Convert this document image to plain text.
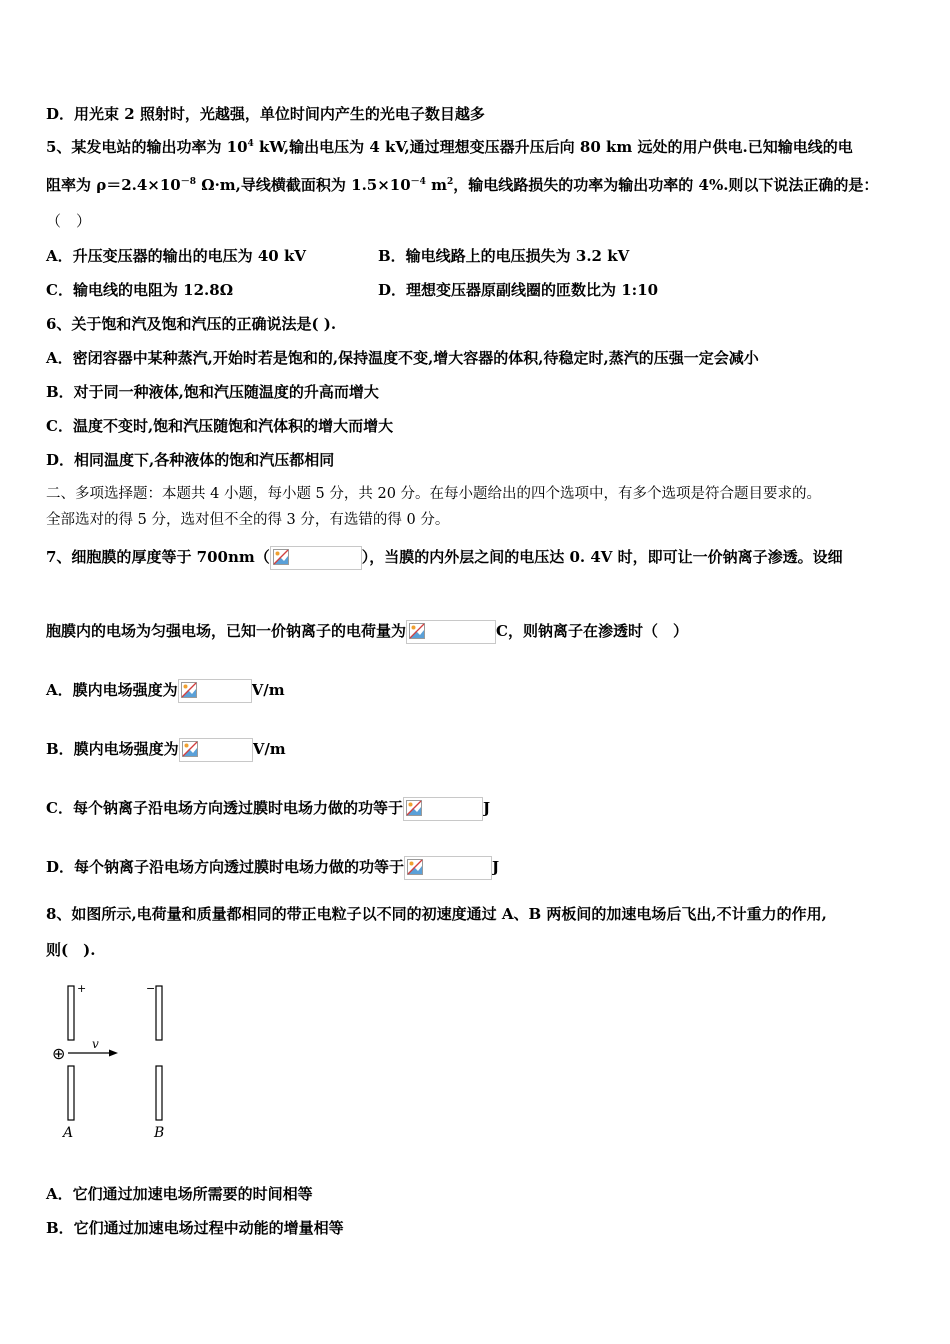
D．用光束 2 照射时，光越强，单位时间内产生的光电子数目越多
5、某发电站的输出功率为 $10^4$ kW,输出电压为 4 kV,通过理想变压器升压后向 80 km 远处的用户供电.已知输电线的电
阻率为 $\rho=2.4\times 10^{-8}$ Ω·m,导线横截面积为 $1.5\times 10^{-4}$ $m^2$，输电线路损失的功率为输出功率的 4%.则以下说法正确的是：
（　）
A．升压变压器的输出的电压为 40 kV	B．输电线路上的电压损失为 3.2 kV
C．输电线的电阻为 12.8Ω	D．理想变压器原副线圈的匝数比为 1:10
6、关于饱和汽及饱和汽压的正确说法是( ).
A．密闭容器中某种蒸汽,开始时若是饱和的,保持温度不变,增大容器的体积,待稳定时,蒸汽的压强一定会减小
B．对于同一种液体,饱和汽压随温度的升高而增大
C．温度不变时,饱和汽压随饱和汽体积的增大而增大
D．相同温度下,各种液体的饱和汽压都相同
二、多项选择题：本题共 4 小题，每小题 5 分，共 20 分。在每小题给出的四个选项中，有多个选项是符合题目要求的。
全部选对的得 5 分，选对但不全的得 3 分，有选错的得 0 分。
7、细胞膜的厚度等于 700nm（	），当膜的内外层之间的电压达 0. 4V 时，即可让一价钠离子渗透。设细
胞膜内的电场为匀强电场，已知一价钠离子的电荷量为	C，则钠离子在渗透时（　）
A．膜内电场强度为	V/m
B．膜内电场强度为	V/m
C．每个钠离子沿电场方向透过膜时电场力做的功等于	J
D．每个钠离子沿电场方向透过膜时电场力做的功等于	J
8、如图所示,电荷量和质量都相同的带正电粒子以不同的初速度通过 A、B 两板间的加速电场后飞出,不计重力的作用,
则(　).
+	−
⊕ v
A	B
A．它们通过加速电场所需要的时间相等
B．它们通过加速电场过程中动能的增量相等
